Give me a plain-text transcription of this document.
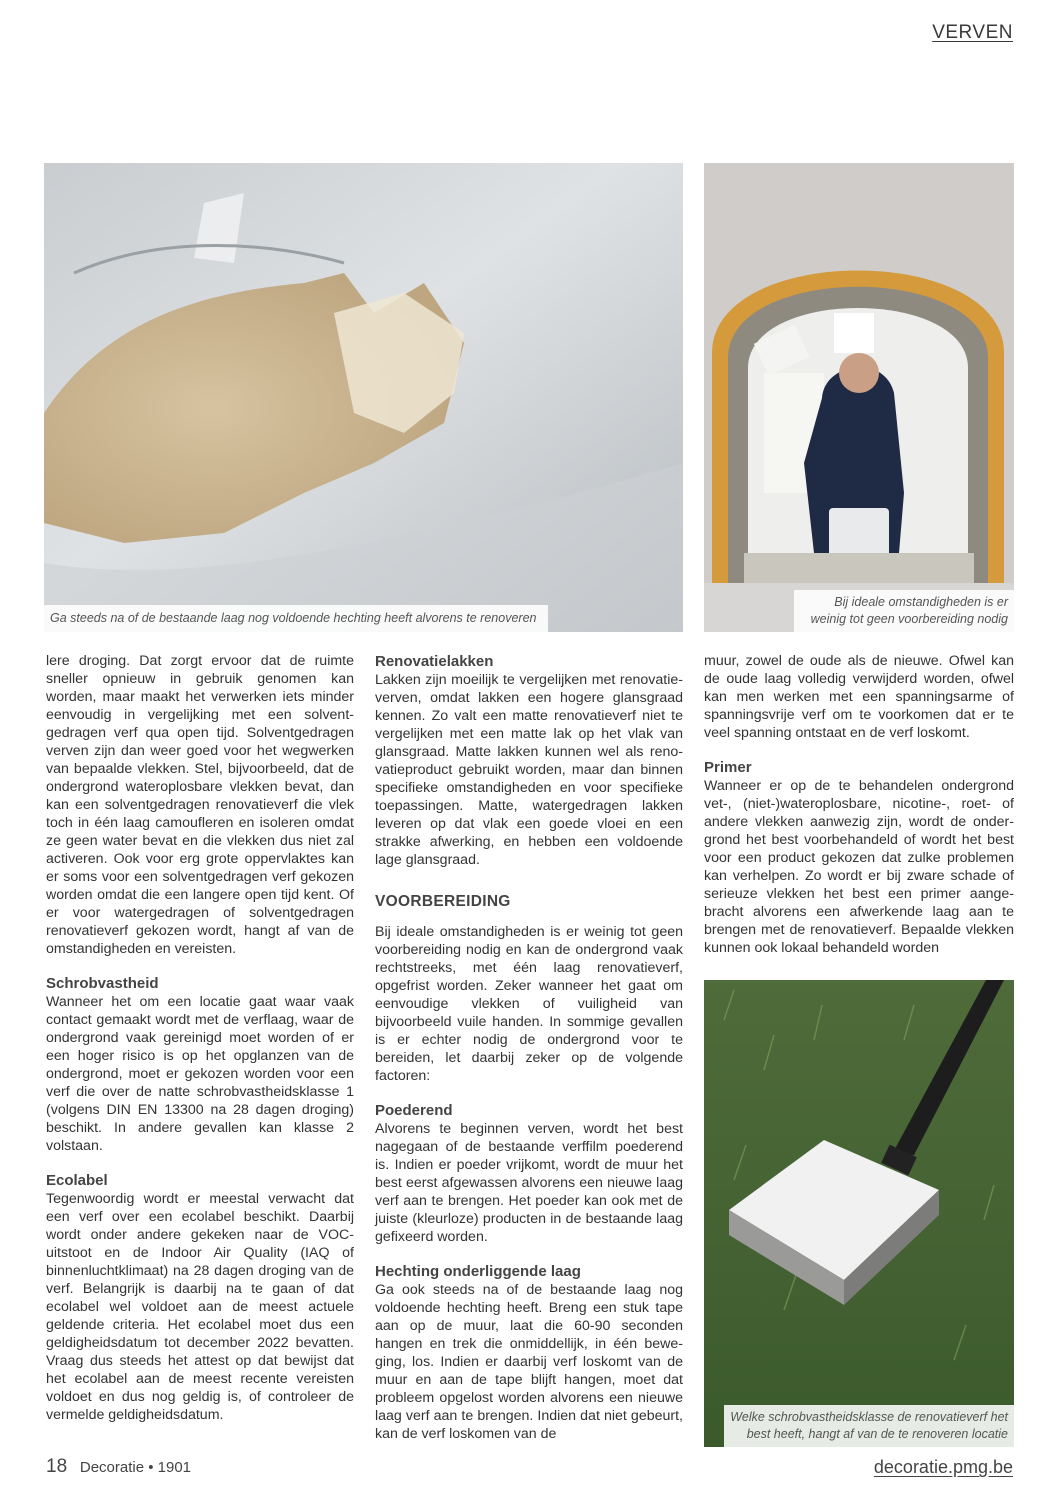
VERVEN
Ga steeds na of de bestaande laag nog voldoende hechting heeft alvorens te renoveren
Bij ideale omstandigheden is er
weinig tot geen voorbereiding nodig
Welke schrobvastheidsklasse de renovatieverf het
best heeft, hangt af van de te renoveren locatie

lere droging. Dat zorgt ervoor dat de ruimte sneller opnieuw in gebruik genomen kan worden, maar maakt het verwerken iets minder eenvoudig in vergelijking met een solventgedragen verf qua open tijd. Solventgedragen verven zijn dan weer goed voor het wegwerken van bepaalde vlekken. Stel, bijvoorbeeld, dat de ondergrond wateroplosbare vlekken bevat, dan kan een solventgedragen renovatieverf die vlek toch in één laag camoufleren en isoleren omdat ze geen water bevat en die vlekken dus niet zal activeren. Ook voor erg grote oppervlaktes kan er soms voor een solventgedragen verf gekozen worden omdat die een langere open tijd kent. Of er voor watergedragen of solventgedragen renovatieverf gekozen wordt, hangt af van de omstandigheden en vereisten.

Schrobvastheid

Wanneer het om een locatie gaat waar vaak contact gemaakt wordt met de verflaag, waar de ondergrond vaak gereinigd moet worden of er een hoger risico is op het opglanzen van de ondergrond, moet er gekozen worden voor een verf die over de natte schrobvastheidsklasse 1 (volgens DIN EN 13300 na 28 dagen droging) beschikt. In andere gevallen kan klasse 2 volstaan.

Ecolabel

Tegenwoordig wordt er meestal verwacht dat een verf over een ecolabel beschikt. Daarbij wordt onder andere gekeken naar de VOC-uitstoot en de Indoor Air Quality (IAQ of binnenluchtklimaat) na 28 dagen droging van de verf. Belangrijk is daarbij na te gaan of dat ecolabel wel voldoet aan de meest actuele geldende criteria. Het ecolabel moet dus een geldigheidsdatum tot december 2022 bevatten. Vraag dus steeds het attest op dat bewijst dat het ecolabel aan de meest recente vereisten voldoet en dus nog geldig is, of controleer de vermelde geldigheidsdatum.

Renovatielakken

Lakken zijn moeilijk te vergelijken met renovatieverven, omdat lakken een hogere glansgraad kennen. Zo valt een matte renovatieverf niet te vergelijken met een matte lak op het vlak van glansgraad. Matte lakken kunnen wel als renovatieproduct gebruikt worden, maar dan binnen specifieke omstandigheden en voor specifieke toepassingen. Matte, watergedragen lakken leveren op dat vlak een goede vloei en een strakke afwerking, en hebben een voldoende lage glansgraad.

VOORBEREIDING

Bij ideale omstandigheden is er weinig tot geen voorbereiding nodig en kan de ondergrond vaak rechtstreeks, met één laag renovatieverf, opgefrist worden. Zeker wanneer het gaat om eenvoudige vlekken of vuiligheid van bijvoorbeeld vuile handen. In sommige gevallen is er echter nodig de ondergrond voor te bereiden, let daarbij zeker op de volgende factoren:

Poederend

Alvorens te beginnen verven, wordt het best nagegaan of de bestaande verffilm poederend is. Indien er poeder vrijkomt, wordt de muur het best eerst afgewassen alvorens een nieuwe laag verf aan te brengen. Het poeder kan ook met de juiste (kleurloze) producten in de bestaande laag gefixeerd worden.

Hechting onderliggende laag

Ga ook steeds na of de bestaande laag nog voldoende hechting heeft. Breng een stuk tape aan op de muur, laat die 60-90 seconden hangen en trek die onmiddellijk, in één beweging, los. Indien er daarbij verf loskomt van de muur en aan de tape blijft hangen, moet dat probleem opgelost worden alvorens een nieuwe laag verf aan te brengen. Indien dat niet gebeurt, kan de verf loskomen van de

muur, zowel de oude als de nieuwe. Ofwel kan de oude laag volledig verwijderd worden, ofwel kan men werken met een spanningsarme of spanningsvrije verf om te voorkomen dat er te veel spanning ontstaat en de verf loskomt.

Primer

Wanneer er op de te behandelen ondergrond vet-, (niet-)wateroplosbare, nicotine-, roet- of andere vlekken aanwezig zijn, wordt de ondergrond het best voorbehandeld of wordt het best voor een product gekozen dat zulke problemen kan verhelpen. Zo wordt er bij zware schade of serieuze vlekken het best een primer aangebracht alvorens een afwerkende laag aan te brengen met de renovatieverf. Bepaalde vlekken kunnen ook lokaal behandeld worden

18 Decoratie • 1901	decoratie.pmg.be
